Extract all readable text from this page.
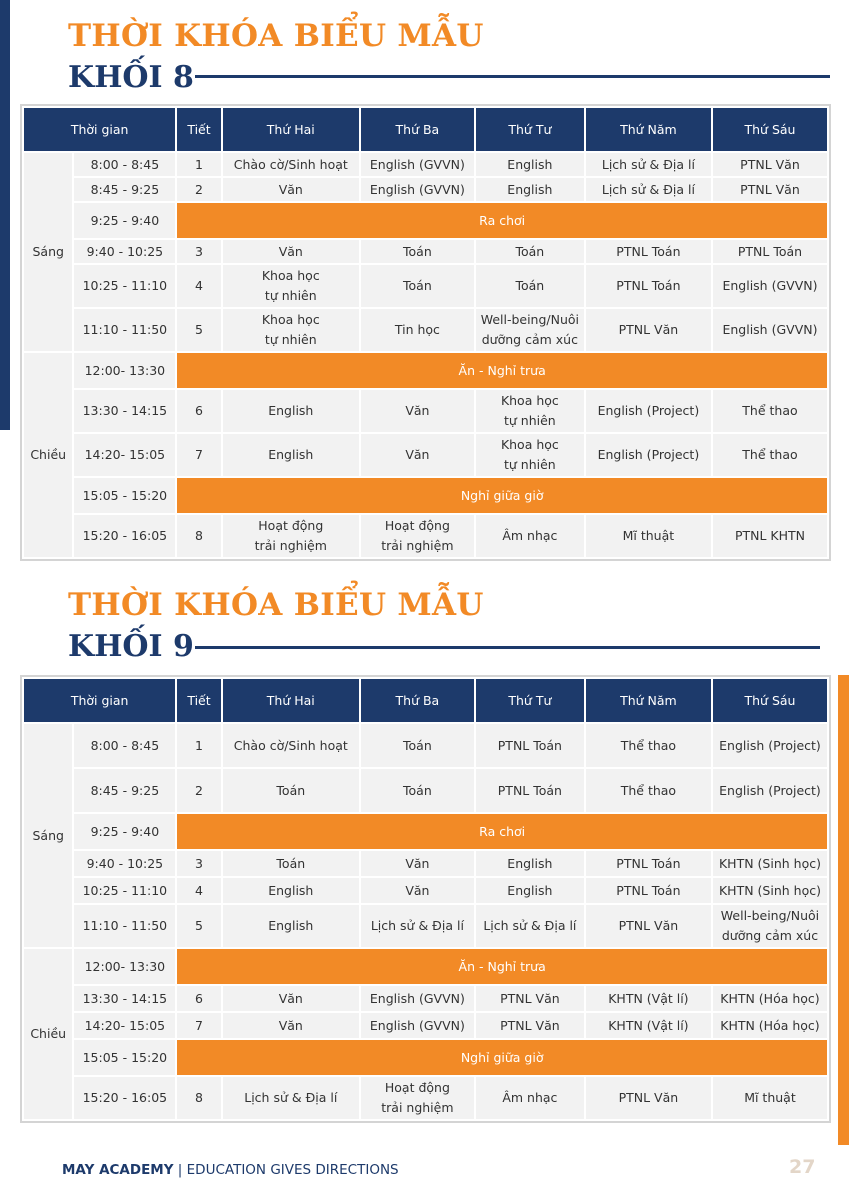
THỜI KHÓA BIỂU MẪU
KHỐI 8
Thời gian		Tiết	Thứ Hai	Thứ Ba	Thứ Tư	Thứ Năm	Thứ Sáu
Sáng	8:00 - 8:45	1	Chào cờ/Sinh hoạt	English (GVVN)	English	Lịch sử & Địa lí	PTNL Văn
	8:45 - 9:25	2	Văn	English (GVVN)	English	Lịch sử & Địa lí	PTNL Văn
	9:25 - 9:40	Ra chơi					
	9:40 - 10:25	3	Văn	Toán	Toán	PTNL Toán	PTNL Toán
	10:25 - 11:10	4	Khoa học
tự nhiên	Toán	Toán	PTNL Toán	English (GVVN)
	11:10 - 11:50	5	Khoa học
tự nhiên	Tin học	Well-being/Nuôi
dưỡng cảm xúc	PTNL Văn	English (GVVN)
Chiều	12:00- 13:30	Ăn - Nghỉ trưa					
	13:30 - 14:15	6	English	Văn	Khoa học
tự nhiên	English (Project)	Thể thao
	14:20- 15:05	7	English	Văn	Khoa học
tự nhiên	English (Project)	Thể thao
	15:05 - 15:20	Nghỉ giữa giờ					
	15:20 - 16:05	8	Hoạt động
trải nghiệm	Hoạt động
trải nghiệm	Âm nhạc	Mĩ thuật	PTNL KHTN
THỜI KHÓA BIỂU MẪU
KHỐI 9
Thời gian		Tiết	Thứ Hai	Thứ Ba	Thứ Tư	Thứ Năm	Thứ Sáu
Sáng	8:00 - 8:45	1	Chào cờ/Sinh hoạt	Toán	PTNL Toán	Thể thao	English (Project)
	8:45 - 9:25	2	Toán	Toán	PTNL Toán	Thể thao	English (Project)
	9:25 - 9:40	Ra chơi					
	9:40 - 10:25	3	Toán	Văn	English	PTNL Toán	KHTN (Sinh học)
	10:25 - 11:10	4	English	Văn	English	PTNL Toán	KHTN (Sinh học)
	11:10 - 11:50	5	English	Lịch sử & Địa lí	Lịch sử & Địa lí	PTNL Văn	Well-being/Nuôi
dưỡng cảm xúc
Chiều	12:00- 13:30	Ăn - Nghỉ trưa					
	13:30 - 14:15	6	Văn	English (GVVN)	PTNL Văn	KHTN (Vật lí)	KHTN (Hóa học)
	14:20- 15:05	7	Văn	English (GVVN)	PTNL Văn	KHTN (Vật lí)	KHTN (Hóa học)
	15:05 - 15:20	Nghỉ giữa giờ					
	15:20 - 16:05	8	Lịch sử & Địa lí	Hoạt động
trải nghiệm	Âm nhạc	PTNL Văn	Mĩ thuật
MAY ACADEMY | EDUCATION GIVES DIRECTIONS	27
